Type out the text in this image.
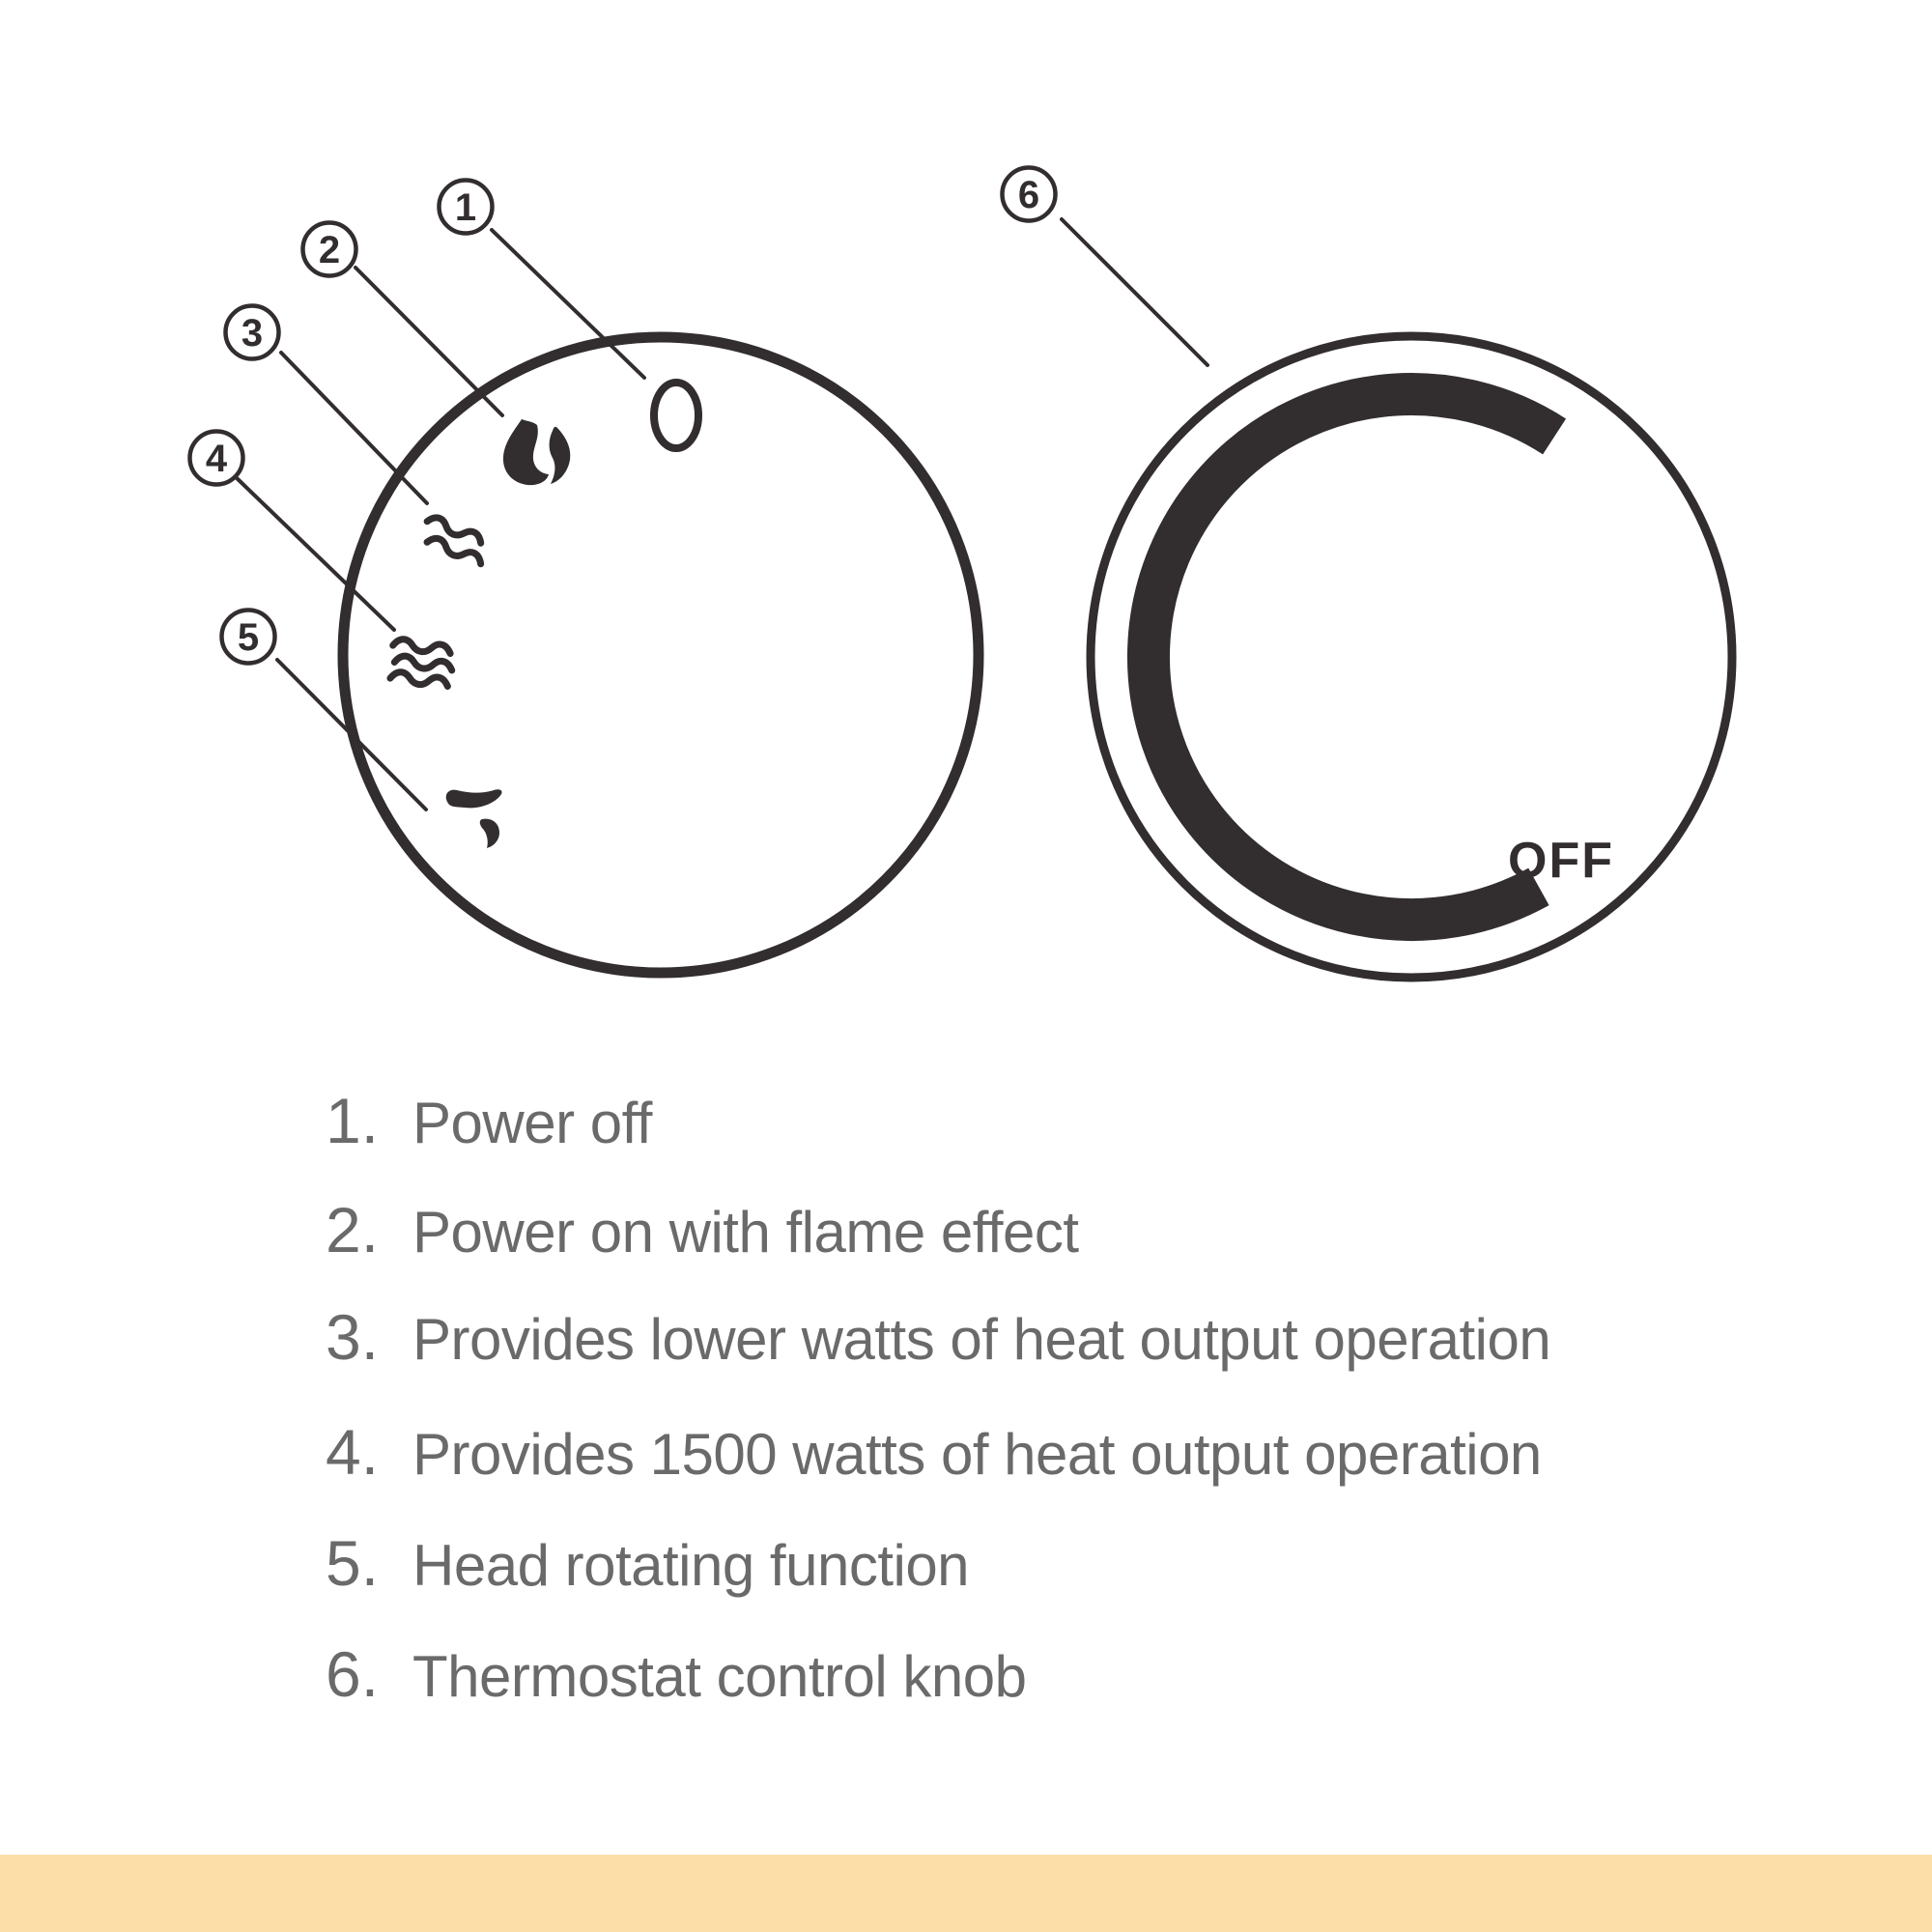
OFF
1
2
3
4
5
6
1. Power off
2. Power on with flame effect
3. Provides lower watts of heat output operation
4. Provides 1500 watts of heat output operation
5. Head rotating function
6. Thermostat control knob
